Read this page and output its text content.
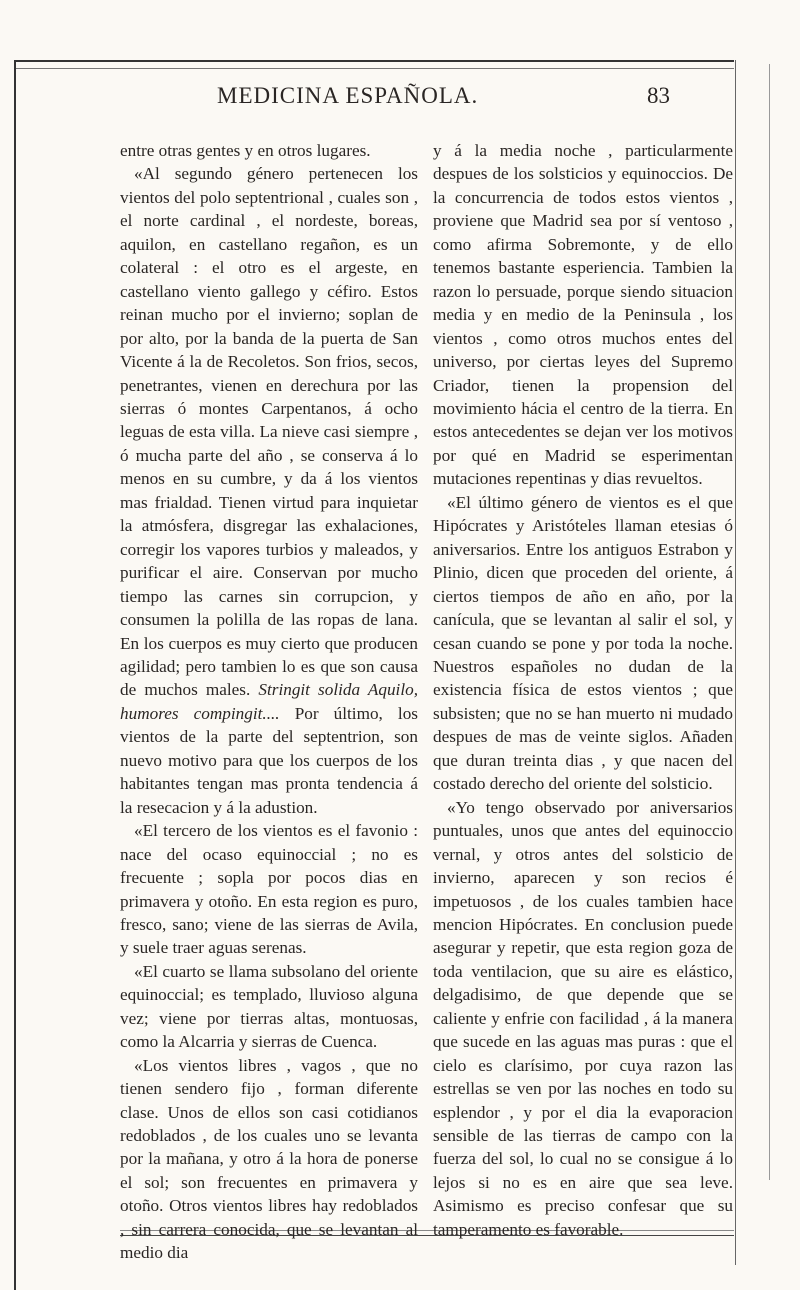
MEDICINA ESPAÑOLA.	83

entre otras gentes y en otros lugares.

«Al segundo género pertenecen los vientos del polo septentrional , cuales son , el norte cardinal , el nordeste, boreas, aquilon, en castellano regañon, es un colateral : el otro es el argeste, en castellano viento gallego y céfiro. Estos reinan mucho por el invierno; soplan de por alto, por la banda de la puerta de San Vicente á la de Recoletos. Son frios, secos, penetrantes, vienen en derechura por las sierras ó montes Carpentanos, á ocho leguas de esta villa. La nieve casi siempre , ó mucha parte del año , se conserva á lo menos en su cumbre, y da á los vientos mas frialdad. Tienen virtud para inquietar la atmósfera, disgregar las exhalaciones, corregir los vapores turbios y maleados, y purificar el aire. Conservan por mucho tiempo las carnes sin corrupcion, y consumen la polilla de las ropas de lana. En los cuerpos es muy cierto que producen agilidad; pero tambien lo es que son causa de muchos males. Stringit solida Aquilo, humores compingit.... Por último, los vientos de la parte del septentrion, son nuevo motivo para que los cuerpos de los habitantes tengan mas pronta tendencia á la resecacion y á la adustion.

«El tercero de los vientos es el favonio : nace del ocaso equinoccial ; no es frecuente ; sopla por pocos dias en primavera y otoño. En esta region es puro, fresco, sano; viene de las sierras de Avila, y suele traer aguas serenas.

«El cuarto se llama subsolano del oriente equinoccial; es templado, lluvioso alguna vez; viene por tierras altas, montuosas, como la Alcarria y sierras de Cuenca.

«Los vientos libres , vagos , que no tienen sendero fijo , forman diferente clase. Unos de ellos son casi cotidianos redoblados , de los cuales uno se levanta por la mañana, y otro á la hora de ponerse el sol; son frecuentes en primavera y otoño. Otros vientos libres hay redoblados , sin carrera conocida, que se levantan al medio dia

y á la media noche , particularmente despues de los solsticios y equinoccios. De la concurrencia de todos estos vientos , proviene que Madrid sea por sí ventoso , como afirma Sobremonte, y de ello tenemos bastante esperiencia. Tambien la razon lo persuade, porque siendo situacion media y en medio de la Peninsula , los vientos , como otros muchos entes del universo, por ciertas leyes del Supremo Criador, tienen la propension del movimiento hácia el centro de la tierra. En estos antecedentes se dejan ver los motivos por qué en Madrid se esperimentan mutaciones repentinas y dias revueltos.

«El último género de vientos es el que Hipócrates y Aristóteles llaman etesias ó aniversarios. Entre los antiguos Estrabon y Plinio, dicen que proceden del oriente, á ciertos tiempos de año en año, por la canícula, que se levantan al salir el sol, y cesan cuando se pone y por toda la noche. Nuestros españoles no dudan de la existencia física de estos vientos ; que subsisten; que no se han muerto ni mudado despues de mas de veinte siglos. Añaden que duran treinta dias , y que nacen del costado derecho del oriente del solsticio.

«Yo tengo observado por aniversarios puntuales, unos que antes del equinoccio vernal, y otros antes del solsticio de invierno, aparecen y son recios é impetuosos , de los cuales tambien hace mencion Hipócrates. En conclusion puede asegurar y repetir, que esta region goza de toda ventilacion, que su aire es elástico, delgadisimo, de que depende que se caliente y enfrie con facilidad , á la manera que sucede en las aguas mas puras : que el cielo es clarísimo, por cuya razon las estrellas se ven por las noches en todo su esplendor , y por el dia la evaporacion sensible de las tierras de campo con la fuerza del sol, lo cual no se consigue á lo lejos si no es en aire que sea leve. Asimismo es preciso confesar que su tamperamento es favorable.
